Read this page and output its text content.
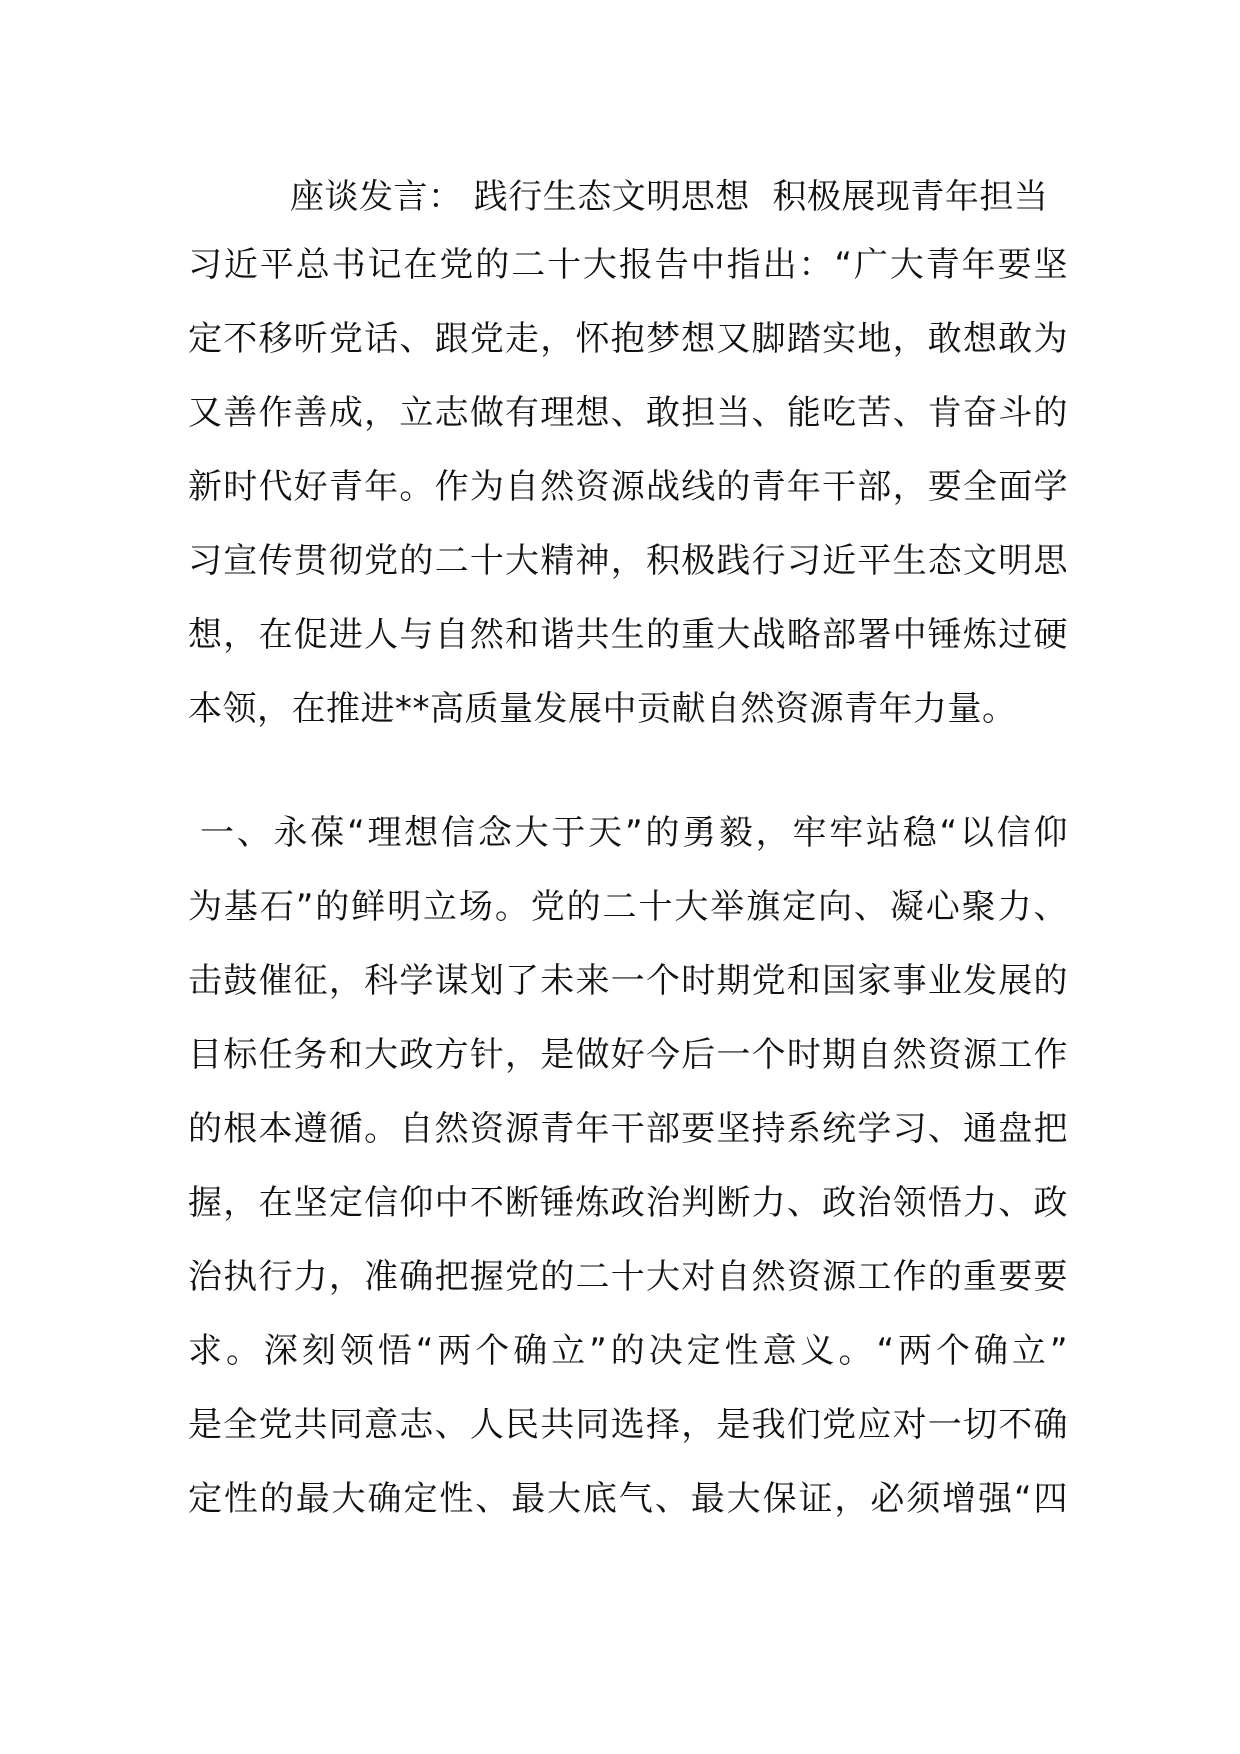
座谈发言： 践行生态文明思想  积极展现青年担当
习近平总书记在党的二十大报告中指出：“广大青年要坚
定不移听党话、跟党走，怀抱梦想又脚踏实地，敢想敢为
又善作善成，立志做有理想、敢担当、能吃苦、肯奋斗的
新时代好青年。作为自然资源战线的青年干部，要全面学
习宣传贯彻党的二十大精神，积极践行习近平生态文明思
想，在促进人与自然和谐共生的重大战略部署中锤炼过硬
本领，在推进**高质量发展中贡献自然资源青年力量。
一、永葆“理想信念大于天”的勇毅，牢牢站稳“以信仰
为基石”的鲜明立场。党的二十大举旗定向、凝心聚力、
击鼓催征，科学谋划了未来一个时期党和国家事业发展的
目标任务和大政方针，是做好今后一个时期自然资源工作
的根本遵循。自然资源青年干部要坚持系统学习、通盘把
握，在坚定信仰中不断锤炼政治判断力、政治领悟力、政
治执行力，准确把握党的二十大对自然资源工作的重要要
求。深刻领悟“两个确立”的决定性意义。“两个确立”
是全党共同意志、人民共同选择，是我们党应对一切不确
定性的最大确定性、最大底气、最大保证，必须增强“四
